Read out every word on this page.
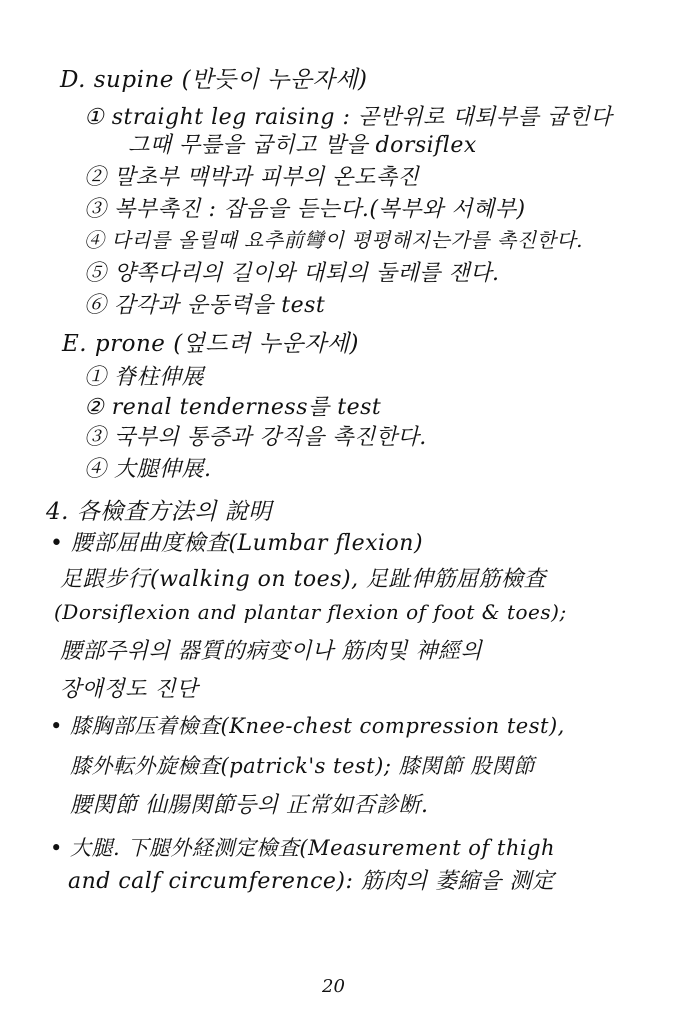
D. supine (반듯이 누운자세)
① straight leg raising : 곧반위로 대퇴부를 굽힌다
그때 무릎을 굽히고 발을 dorsiflex
② 말초부 맥박과 피부의 온도촉진
③ 복부촉진 : 잡음을 듣는다.(복부와 서혜부)
④ 다리를 올릴때 요추前彎이 평평해지는가를 촉진한다.
⑤ 양쪽다리의 길이와 대퇴의 둘레를 잰다.
⑥ 감각과 운동력을 test
E. prone (엎드려 누운자세)
① 脊柱伸展
② renal tenderness를 test
③ 국부의 통증과 강직을 촉진한다.
④ 大腿伸展.
4. 各檢査方法의 說明
• 腰部屈曲度檢査(Lumbar flexion)
足跟步行(walking on toes), 足趾伸筋屈筋檢査
(Dorsiflexion and plantar flexion of foot & toes);
腰部주위의 器質的病变이나 筋肉및 神經의
장애정도 진단
• 膝胸部压着檢査(Knee-chest compression test),
膝外転外旋檢査(patrick's test); 膝関節 股関節
腰関節 仙腸関節등의 正常如否診断.
• 大腿. 下腿外経测定檢査(Measurement of thigh
and calf circumference): 筋肉의 萎縮을 测定
20
